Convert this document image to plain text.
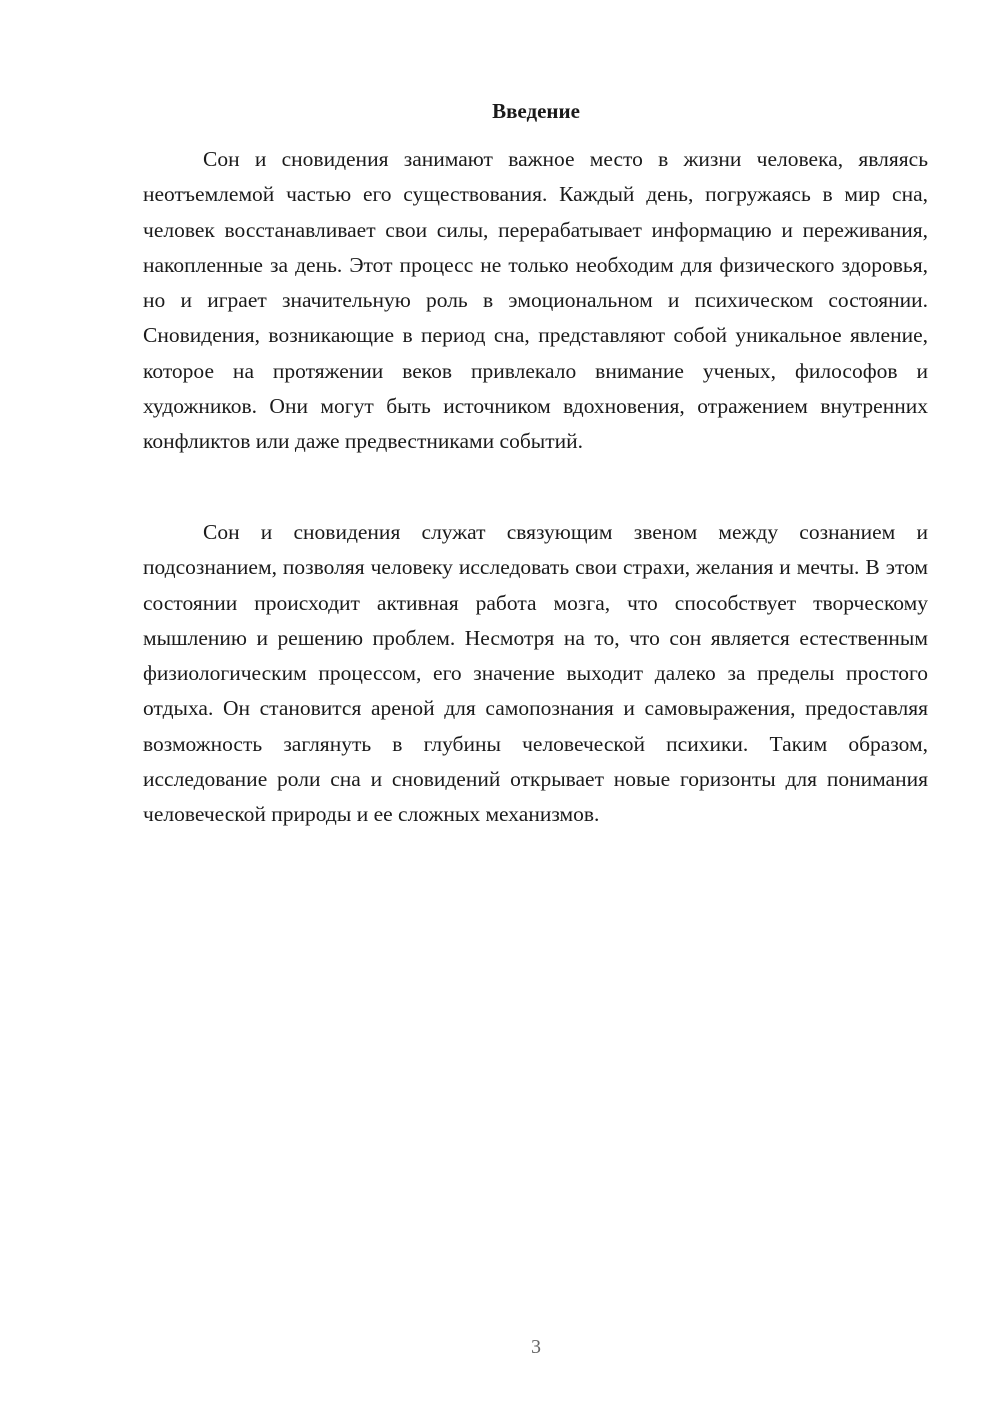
Введение

Сон и сновидения занимают важное место в жизни человека, являясь неотъемлемой частью его существования. Каждый день, погружаясь в мир сна, человек восстанавливает свои силы, перерабатывает информацию и переживания, накопленные за день. Этот процесс не только необходим для физического здоровья, но и играет значительную роль в эмоциональном и психическом состоянии. Сновидения, возникающие в период сна, представляют собой уникальное явление, которое на протяжении веков привлекало внимание ученых, философов и художников. Они могут быть источником вдохновения, отражением внутренних конфликтов или даже предвестниками событий.

Сон и сновидения служат связующим звеном между сознанием и подсознанием, позволяя человеку исследовать свои страхи, желания и мечты. В этом состоянии происходит активная работа мозга, что способствует творческому мышлению и решению проблем. Несмотря на то, что сон является естественным физиологическим процессом, его значение выходит далеко за пределы простого отдыха. Он становится ареной для самопознания и самовыражения, предоставляя возможность заглянуть в глубины человеческой психики. Таким образом, исследование роли сна и сновидений открывает новые горизонты для понимания человеческой природы и ее сложных механизмов.

3
